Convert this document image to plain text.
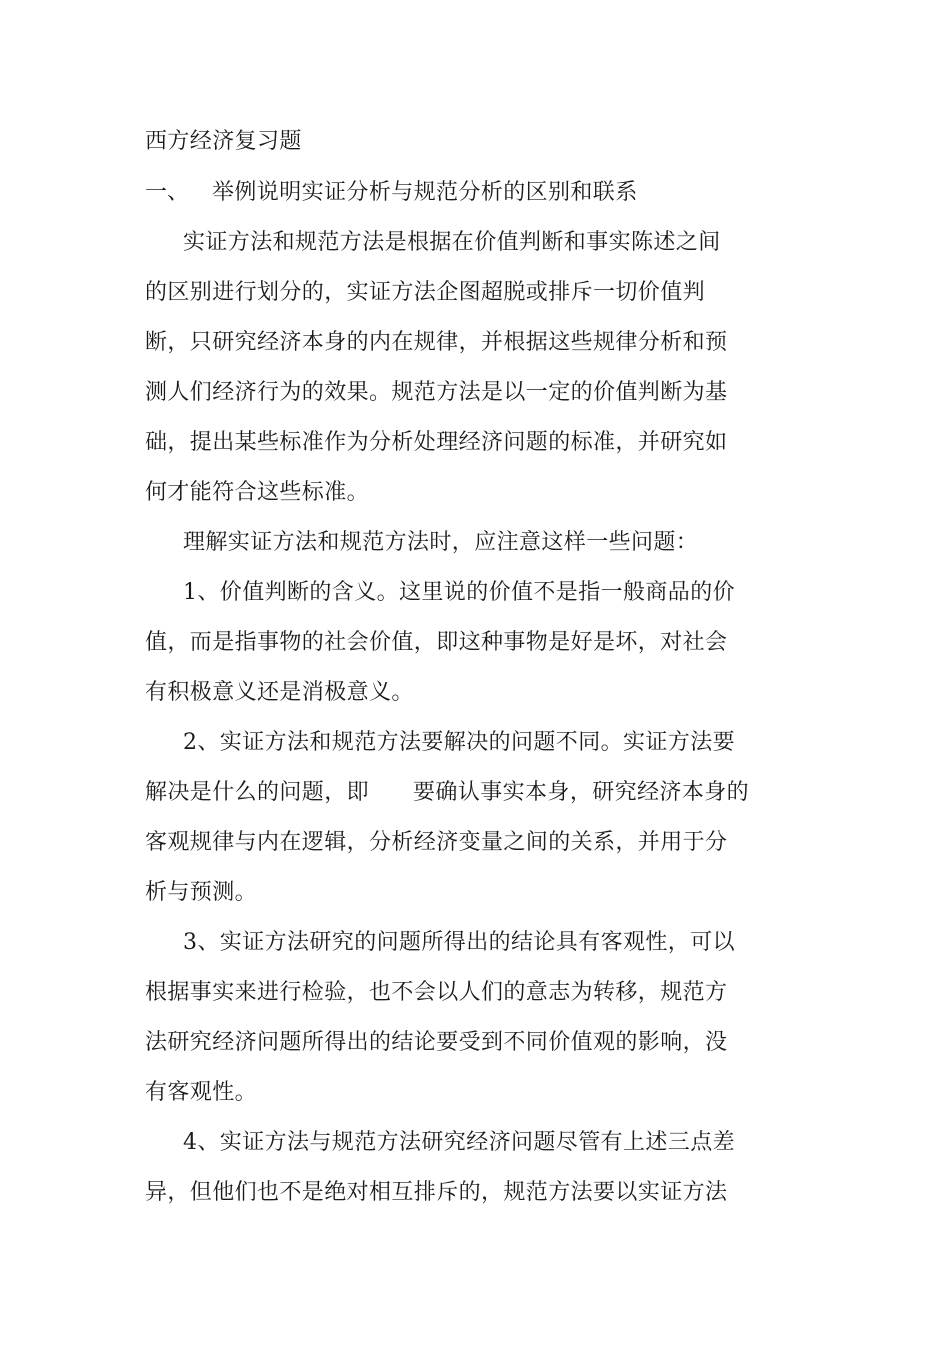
西方经济复习题
一、 举例说明实证分析与规范分析的区别和联系
实证方法和规范方法是根据在价值判断和事实陈述之间
的区别进行划分的，实证方法企图超脱或排斥一切价值判
断，只研究经济本身的内在规律，并根据这些规律分析和预
测人们经济行为的效果。规范方法是以一定的价值判断为基
础，提出某些标准作为分析处理经济问题的标准，并研究如
何才能符合这些标准。
理解实证方法和规范方法时，应注意这样一些问题：
1、价值判断的含义。这里说的价值不是指一般商品的价
值，而是指事物的社会价值，即这种事物是好是坏，对社会
有积极意义还是消极意义。
2、实证方法和规范方法要解决的问题不同。实证方法要
解决是什么的问题，即 要确认事实本身，研究经济本身的
客观规律与内在逻辑，分析经济变量之间的关系，并用于分
析与预测。
3、实证方法研究的问题所得出的结论具有客观性，可以
根据事实来进行检验，也不会以人们的意志为转移，规范方
法研究经济问题所得出的结论要受到不同价值观的影响，没
有客观性。
4、实证方法与规范方法研究经济问题尽管有上述三点差
异，但他们也不是绝对相互排斥的，规范方法要以实证方法
